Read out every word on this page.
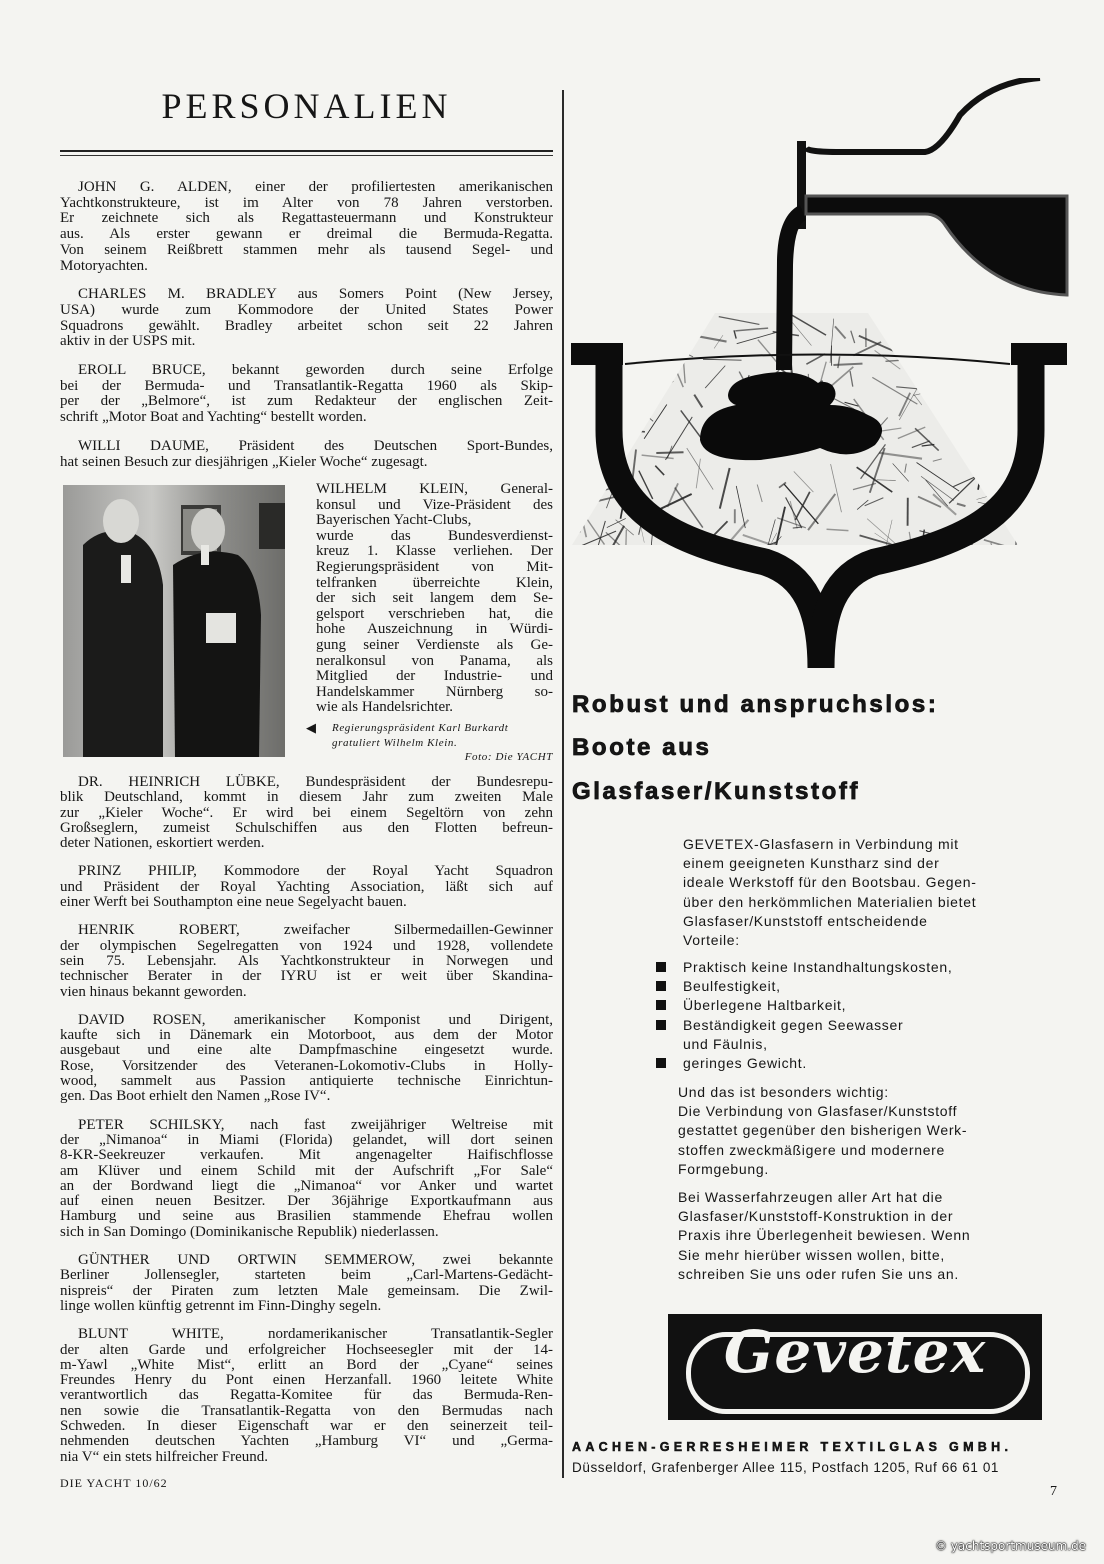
PERSONALIEN
JOHN G. ALDEN, einer der profiliertesten amerikanischen
Yachtkonstrukteure, ist im Alter von 78 Jahren verstorben.
Er zeichnete sich als Regattasteuermann und Konstrukteur
aus. Als erster gewann er dreimal die Bermuda-Regatta.
Von seinem Reißbrett stammen mehr als tausend Segel- und
Motoryachten.
CHARLES M. BRADLEY aus Somers Point (New Jersey,
USA) wurde zum Kommodore der United States Power
Squadrons gewählt. Bradley arbeitet schon seit 22 Jahren
aktiv in der USPS mit.
EROLL BRUCE, bekannt geworden durch seine Erfolge
bei der Bermuda- und Transatlantik-Regatta 1960 als Skip-
per der „Belmore“, ist zum Redakteur der englischen Zeit-
schrift „Motor Boat and Yachting“ bestellt worden.
WILLI DAUME, Präsident des Deutschen Sport-Bundes,
hat seinen Besuch zur diesjährigen „Kieler Woche“ zugesagt.
WILHELM KLEIN, General-
konsul und Vize-Präsident des
Bayerischen Yacht-Clubs,
wurde das Bundesverdienst-
kreuz 1. Klasse verliehen. Der
Regierungspräsident von Mit-
telfranken überreichte Klein,
der sich seit langem dem Se-
gelsport verschrieben hat, die
hohe Auszeichnung in Würdi-
gung seiner Verdienste als Ge-
neralkonsul von Panama, als
Mitglied der Industrie- und
Handelskammer Nürnberg so-
wie als Handelsrichter.
◀	Regierungspräsident Karl Burkardt
gratuliert Wilhelm Klein.
Foto: Die YACHT
DR. HEINRICH LÜBKE, Bundespräsident der Bundesrepu-
blik Deutschland, kommt in diesem Jahr zum zweiten Male
zur „Kieler Woche“. Er wird bei einem Segeltörn von zehn
Großseglern, zumeist Schulschiffen aus den Flotten befreun-
deter Nationen, eskortiert werden.
PRINZ PHILIP, Kommodore der Royal Yacht Squadron
und Präsident der Royal Yachting Association, läßt sich auf
einer Werft bei Southampton eine neue Segelyacht bauen.
HENRIK ROBERT, zweifacher Silbermedaillen-Gewinner
der olympischen Segelregatten von 1924 und 1928, vollendete
sein 75. Lebensjahr. Als Yachtkonstrukteur in Norwegen und
technischer Berater in der IYRU ist er weit über Skandina-
vien hinaus bekannt geworden.
DAVID ROSEN, amerikanischer Komponist und Dirigent,
kaufte sich in Dänemark ein Motorboot, aus dem der Motor
ausgebaut und eine alte Dampfmaschine eingesetzt wurde.
Rose, Vorsitzender des Veteranen-Lokomotiv-Clubs in Holly-
wood, sammelt aus Passion antiquierte technische Einrichtun-
gen. Das Boot erhielt den Namen „Rose IV“.
PETER SCHILSKY, nach fast zweijähriger Weltreise mit
der „Nimanoa“ in Miami (Florida) gelandet, will dort seinen
8-KR-Seekreuzer verkaufen. Mit angenagelter Haifischflosse
am Klüver und einem Schild mit der Aufschrift „For Sale“
an der Bordwand liegt die „Nimanoa“ vor Anker und wartet
auf einen neuen Besitzer. Der 36jährige Exportkaufmann aus
Hamburg und seine aus Brasilien stammende Ehefrau wollen
sich in San Domingo (Dominikanische Republik) niederlassen.
GÜNTHER UND ORTWIN SEMMEROW, zwei bekannte
Berliner Jollensegler, starteten beim „Carl-Martens-Gedächt-
nispreis“ der Piraten zum letzten Male gemeinsam. Die Zwil-
linge wollen künftig getrennt im Finn-Dinghy segeln.
BLUNT WHITE, nordamerikanischer Transatlantik-Segler
der alten Garde und erfolgreicher Hochseesegler mit der 14-
m-Yawl „White Mist“, erlitt an Bord der „Cyane“ seines
Freundes Henry du Pont einen Herzanfall. 1960 leitete White
verantwortlich das Regatta-Komitee für das Bermuda-Ren-
nen sowie die Transatlantik-Regatta von den Bermudas nach
Schweden. In dieser Eigenschaft war er den seinerzeit teil-
nehmenden deutschen Yachten „Hamburg VI“ und „Germa-
nia V“ ein stets hilfreicher Freund.
DIE YACHT 10/62
Robust und anspruchslos:
Boote aus
Glasfaser/Kunststoff
GEVETEX-Glasfasern in Verbindung mit
einem geeigneten Kunstharz sind der
ideale Werkstoff für den Bootsbau. Gegen-
über den herkömmlichen Materialien bietet
Glasfaser/Kunststoff entscheidende
Vorteile:
Praktisch keine Instandhaltungskosten,
Beulfestigkeit,
Überlegene Haltbarkeit,
Beständigkeit gegen Seewasser
und Fäulnis,
geringes Gewicht.
Und das ist besonders wichtig:
Die Verbindung von Glasfaser/Kunststoff
gestattet gegenüber den bisherigen Werk-
stoffen zweckmäßigere und modernere
Formgebung.
Bei Wasserfahrzeugen aller Art hat die
Glasfaser/Kunststoff-Konstruktion in der
Praxis ihre Überlegenheit bewiesen. Wenn
Sie mehr hierüber wissen wollen, bitte,
schreiben Sie uns oder rufen Sie uns an.
Gevetex
AACHEN-GERRESHEIMER TEXTILGLAS GMBH.
Düsseldorf, Grafenberger Allee 115, Postfach 1205, Ruf 66 61 01
7
© yachtsportmuseum.de
